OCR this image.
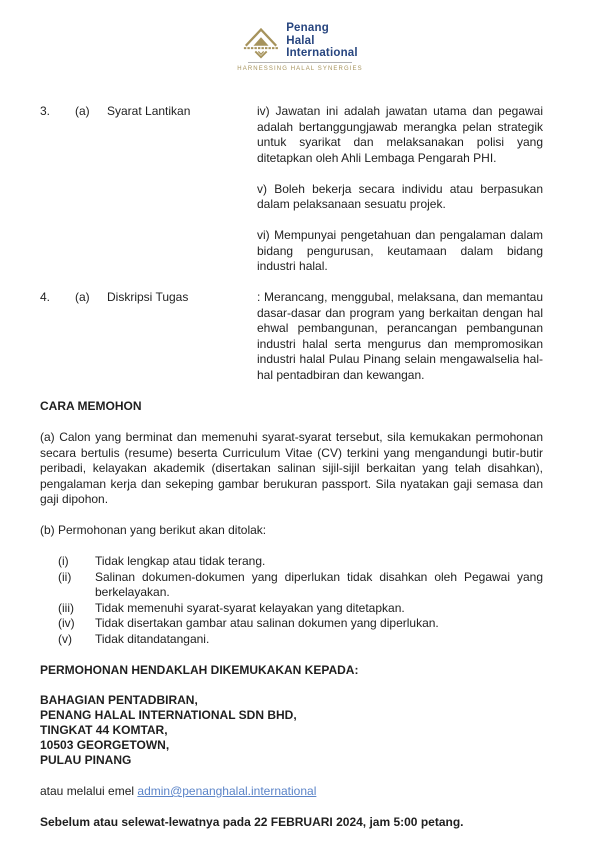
Penang
Halal
International
HARNESSING HALAL SYNERGIES
3.	(a)	Syarat Lantikan	iv) Jawatan ini adalah jawatan utama dan pegawai adalah bertanggungjawab merangka pelan strategik untuk syarikat dan melaksanakan polisi yang ditetapkan oleh Ahli Lembaga Pengarah PHI.

v) Boleh bekerja secara individu atau berpasukan dalam pelaksanaan sesuatu projek.

vi) Mempunyai pengetahuan dan pengalaman dalam bidang pengurusan, keutamaan dalam bidang industri halal.

4.	(a)	Diskripsi Tugas	: Merancang, menggubal, melaksana, dan memantau dasar-dasar dan program yang berkaitan dengan hal ehwal pembangunan, perancangan pembangunan industri halal serta mengurus dan mempromosikan industri halal Pulau Pinang selain mengawalselia hal-hal pentadbiran dan kewangan.

CARA MEMOHON

(a) Calon yang berminat dan memenuhi syarat-syarat tersebut, sila kemukakan permohonan secara bertulis (resume) beserta Curriculum Vitae (CV) terkini yang mengandungi butir-butir peribadi, kelayakan akademik (disertakan salinan sijil-sijil berkaitan yang telah disahkan), pengalaman kerja dan sekeping gambar berukuran passport. Sila nyatakan gaji semasa dan gaji dipohon.

(b) Permohonan yang berikut akan ditolak:

(i)	Tidak lengkap atau tidak terang.
(ii)	Salinan dokumen-dokumen yang diperlukan tidak disahkan oleh Pegawai yang berkelayakan.
(iii)	Tidak memenuhi syarat-syarat kelayakan yang ditetapkan.
(iv)	Tidak disertakan gambar atau salinan dokumen yang diperlukan.
(v)	Tidak ditandatangani.

PERMOHONAN HENDAKLAH DIKEMUKAKAN KEPADA:

BAHAGIAN PENTADBIRAN,
PENANG HALAL INTERNATIONAL SDN BHD,
TINGKAT 44 KOMTAR,
10503 GEORGETOWN,
PULAU PINANG
atau melalui emel admin@penanghalal.international

Sebelum atau selewat-lewatnya pada 22 FEBRUARI 2024, jam 5:00 petang.
